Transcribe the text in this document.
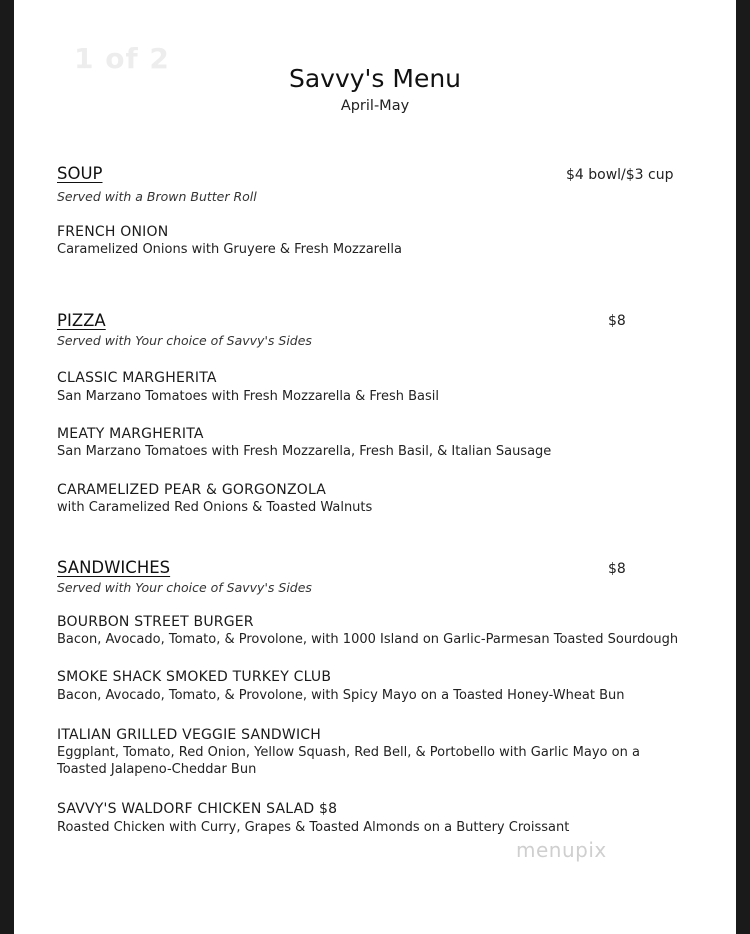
1 of 2
Savvy's Menu
April-May
SOUP	$4 bowl/$3 cup
Served with a Brown Butter Roll
FRENCH ONION
Caramelized Onions with Gruyere & Fresh Mozzarella
PIZZA	$8
Served with Your choice of Savvy's Sides
CLASSIC MARGHERITA
San Marzano Tomatoes with Fresh Mozzarella & Fresh Basil
MEATY MARGHERITA
San Marzano Tomatoes with Fresh Mozzarella, Fresh Basil, & Italian Sausage
CARAMELIZED PEAR & GORGONZOLA
with Caramelized Red Onions & Toasted Walnuts
SANDWICHES	$8
Served with Your choice of Savvy's Sides
BOURBON STREET BURGER
Bacon, Avocado, Tomato, & Provolone, with 1000 Island on Garlic-Parmesan Toasted Sourdough
SMOKE SHACK SMOKED TURKEY CLUB
Bacon, Avocado, Tomato, & Provolone, with Spicy Mayo on a Toasted Honey-Wheat Bun
ITALIAN GRILLED VEGGIE SANDWICH
Eggplant, Tomato, Red Onion, Yellow Squash, Red Bell, & Portobello with Garlic Mayo on a
Toasted Jalapeno-Cheddar Bun
SAVVY'S WALDORF CHICKEN SALAD $8
Roasted Chicken with Curry, Grapes & Toasted Almonds on a Buttery Croissant
menupix
